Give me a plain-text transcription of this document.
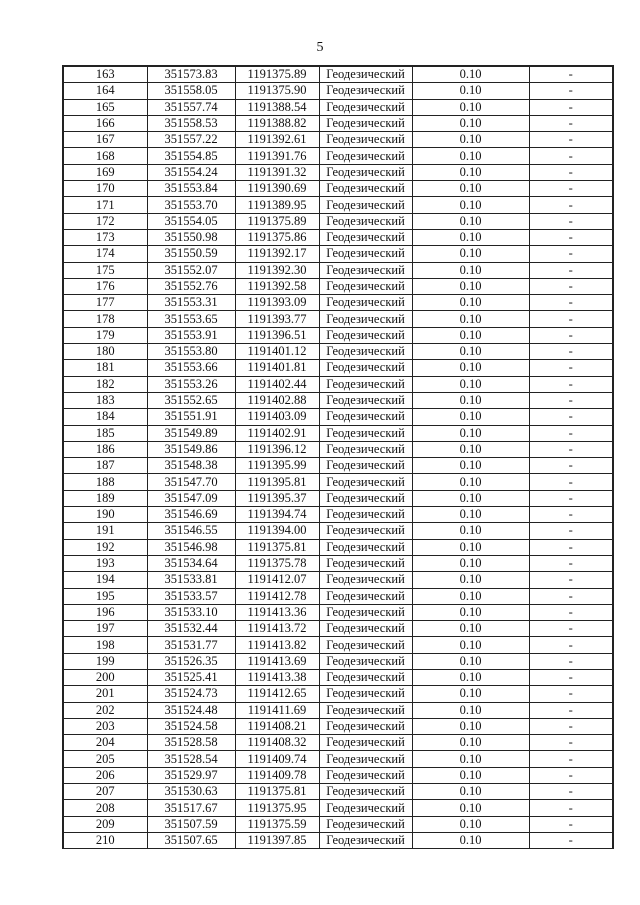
5
163	351573.83	1191375.89	Геодезический	0.10	-
164	351558.05	1191375.90	Геодезический	0.10	-
165	351557.74	1191388.54	Геодезический	0.10	-
166	351558.53	1191388.82	Геодезический	0.10	-
167	351557.22	1191392.61	Геодезический	0.10	-
168	351554.85	1191391.76	Геодезический	0.10	-
169	351554.24	1191391.32	Геодезический	0.10	-
170	351553.84	1191390.69	Геодезический	0.10	-
171	351553.70	1191389.95	Геодезический	0.10	-
172	351554.05	1191375.89	Геодезический	0.10	-
173	351550.98	1191375.86	Геодезический	0.10	-
174	351550.59	1191392.17	Геодезический	0.10	-
175	351552.07	1191392.30	Геодезический	0.10	-
176	351552.76	1191392.58	Геодезический	0.10	-
177	351553.31	1191393.09	Геодезический	0.10	-
178	351553.65	1191393.77	Геодезический	0.10	-
179	351553.91	1191396.51	Геодезический	0.10	-
180	351553.80	1191401.12	Геодезический	0.10	-
181	351553.66	1191401.81	Геодезический	0.10	-
182	351553.26	1191402.44	Геодезический	0.10	-
183	351552.65	1191402.88	Геодезический	0.10	-
184	351551.91	1191403.09	Геодезический	0.10	-
185	351549.89	1191402.91	Геодезический	0.10	-
186	351549.86	1191396.12	Геодезический	0.10	-
187	351548.38	1191395.99	Геодезический	0.10	-
188	351547.70	1191395.81	Геодезический	0.10	-
189	351547.09	1191395.37	Геодезический	0.10	-
190	351546.69	1191394.74	Геодезический	0.10	-
191	351546.55	1191394.00	Геодезический	0.10	-
192	351546.98	1191375.81	Геодезический	0.10	-
193	351534.64	1191375.78	Геодезический	0.10	-
194	351533.81	1191412.07	Геодезический	0.10	-
195	351533.57	1191412.78	Геодезический	0.10	-
196	351533.10	1191413.36	Геодезический	0.10	-
197	351532.44	1191413.72	Геодезический	0.10	-
198	351531.77	1191413.82	Геодезический	0.10	-
199	351526.35	1191413.69	Геодезический	0.10	-
200	351525.41	1191413.38	Геодезический	0.10	-
201	351524.73	1191412.65	Геодезический	0.10	-
202	351524.48	1191411.69	Геодезический	0.10	-
203	351524.58	1191408.21	Геодезический	0.10	-
204	351528.58	1191408.32	Геодезический	0.10	-
205	351528.54	1191409.74	Геодезический	0.10	-
206	351529.97	1191409.78	Геодезический	0.10	-
207	351530.63	1191375.81	Геодезический	0.10	-
208	351517.67	1191375.95	Геодезический	0.10	-
209	351507.59	1191375.59	Геодезический	0.10	-
210	351507.65	1191397.85	Геодезический	0.10	-
